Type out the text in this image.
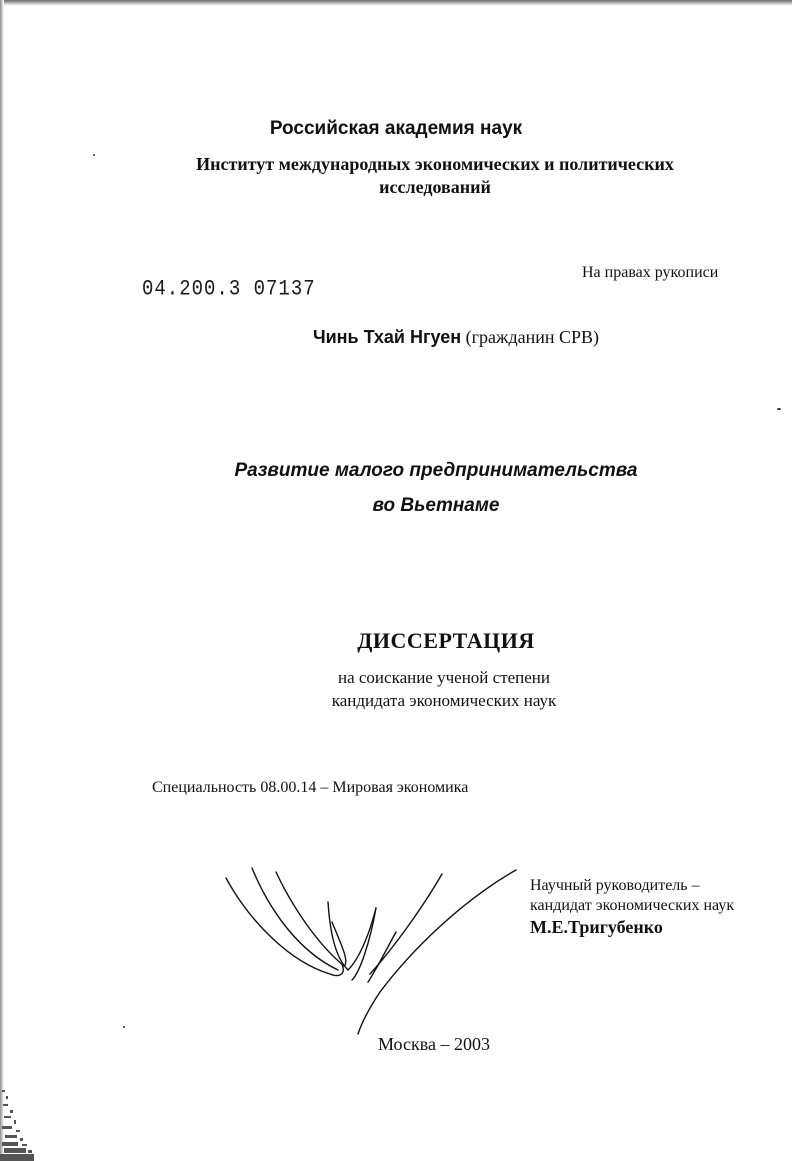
Российская академия наук
Институт международных экономических и политических исследований
04.200.3 07137
На правах рукописи
Чинь Тхай Нгуен (гражданин СРВ)
Развитие малого предпринимательства
во Вьетнаме
ДИССЕРТАЦИЯ
на соискание ученой степени
кандидата экономических наук
Специальность 08.00.14 – Мировая экономика
Научный руководитель –
кандидат экономических наук
М.Е.Тригубенко
Москва – 2003
